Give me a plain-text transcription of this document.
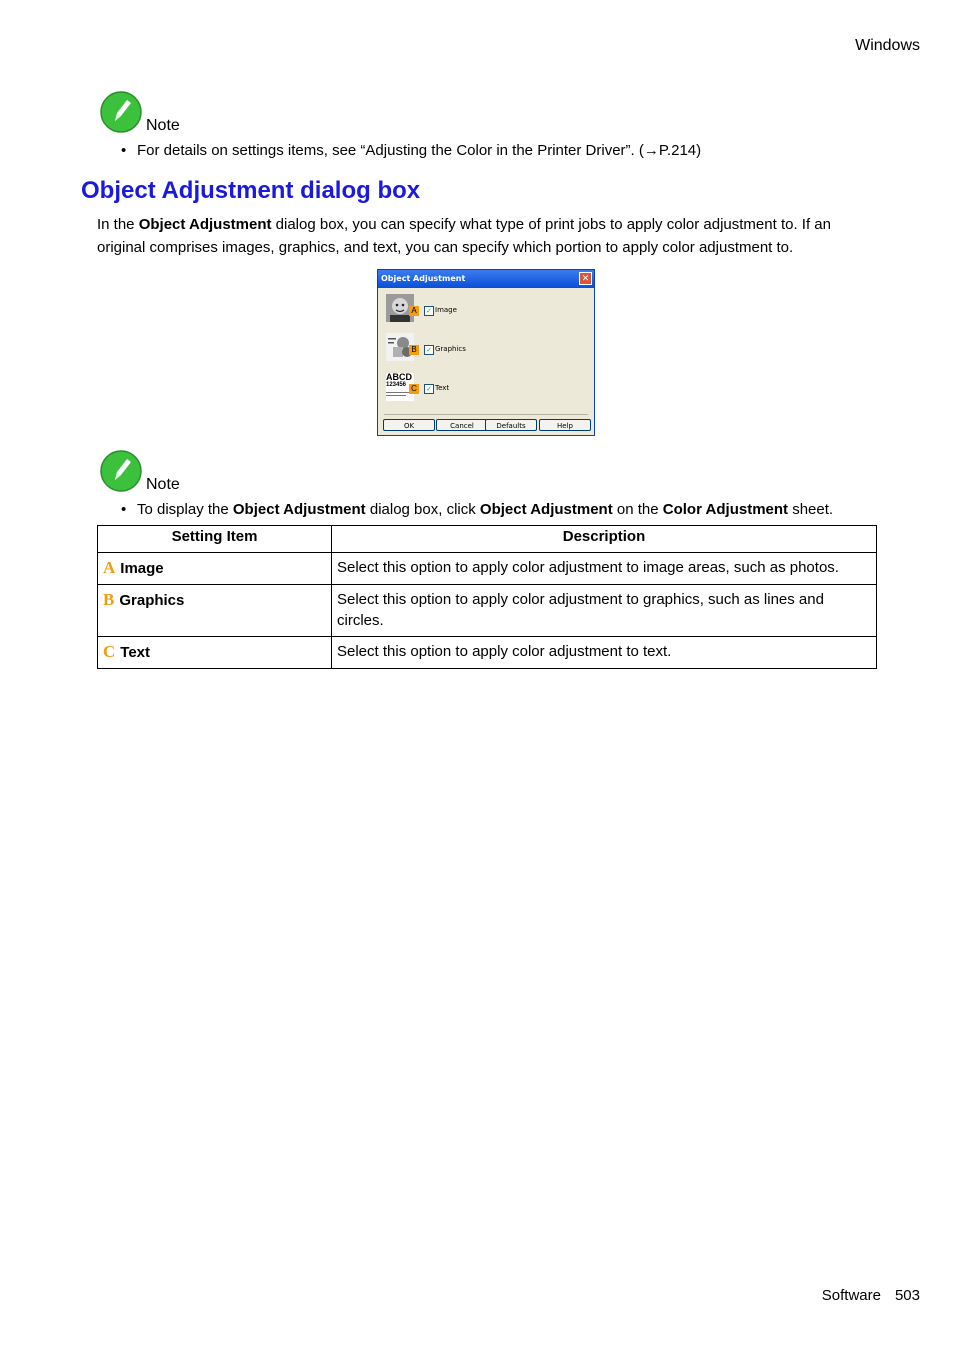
Windows
Note
• For details on settings items, see “Adjusting the Color in the Printer Driver”. (→P.214)
Object Adjustment dialog box
In the Object Adjustment dialog box, you can specify what type of print jobs to apply color adjustment to. If an original comprises images, graphics, and text, you can specify which portion to apply color adjustment to.
Object Adjustment	✕
A	✓ Image
B	✓ Graphics
ABCD
123456 C	✓ Text
OK	Cancel	Defaults	Help
Note
• To display the Object Adjustment dialog box, click Object Adjustment on the Color Adjustment sheet.
Setting Item	Description
A Image	Select this option to apply color adjustment to image areas, such as photos.
B Graphics	Select this option to apply color adjustment to graphics, such as lines and circles.
C Text	Select this option to apply color adjustment to text.
Software 503
